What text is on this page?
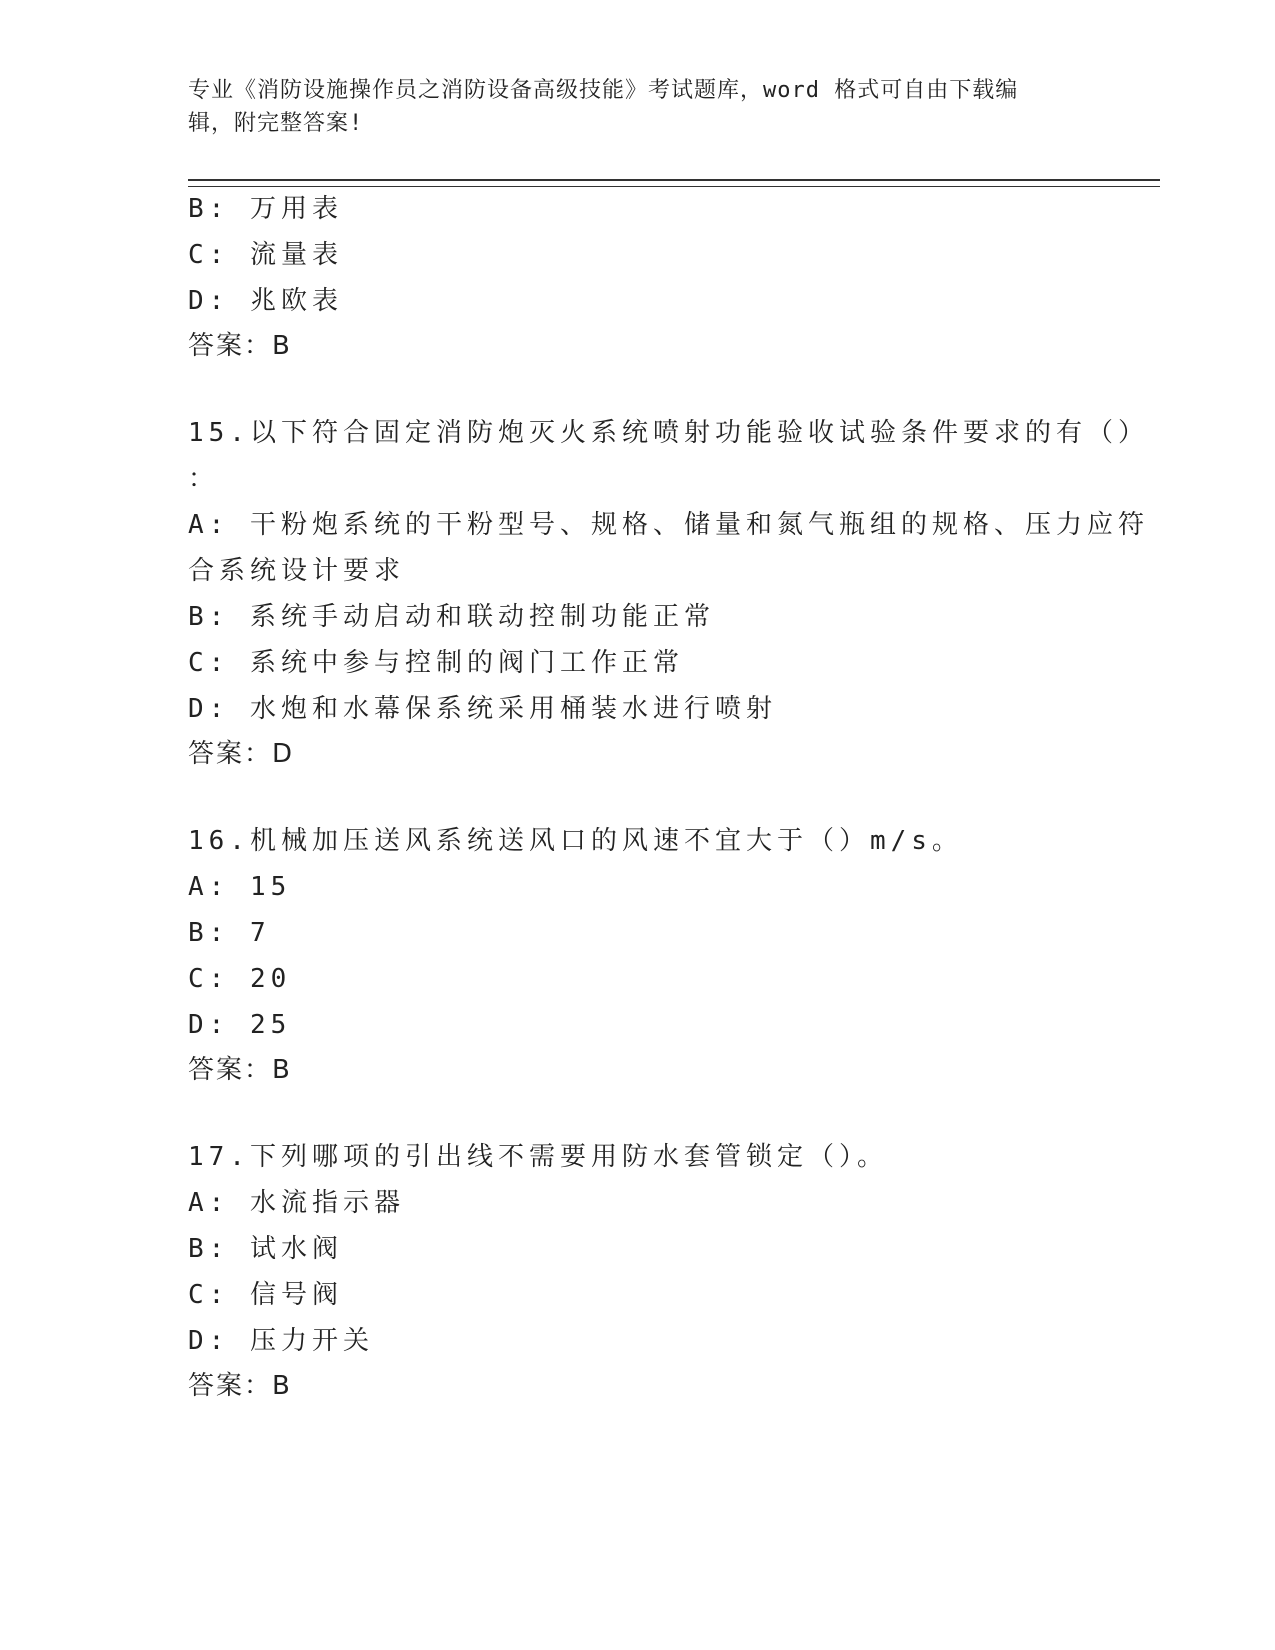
专业《消防设施操作员之消防设备高级技能》考试题库，word 格式可自由下载编
辑，附完整答案!
B: 万用表
C: 流量表
D: 兆欧表
答案：B
15.以下符合固定消防炮灭火系统喷射功能验收试验条件要求的有（）
：
A: 干粉炮系统的干粉型号、规格、储量和氮气瓶组的规格、压力应符
合系统设计要求
B: 系统手动启动和联动控制功能正常
C: 系统中参与控制的阀门工作正常
D: 水炮和水幕保系统采用桶装水进行喷射
答案：D
16.机械加压送风系统送风口的风速不宜大于（）m/s。
A: 15
B: 7
C: 20
D: 25
答案：B
17.下列哪项的引出线不需要用防水套管锁定（）。
A: 水流指示器
B: 试水阀
C: 信号阀
D: 压力开关
答案：B
